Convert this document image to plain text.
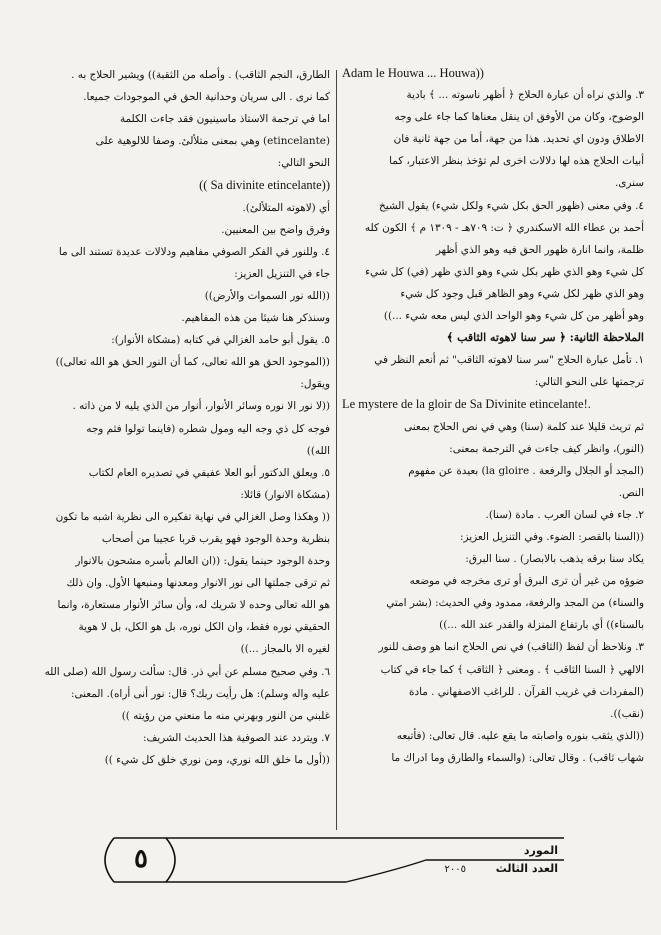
Adam le Houwa ... Houwa))
٣. والذي نراه أن عبارة الحلاج ﴿ أظهر ناسوته ... ﴾ بادية
الوضوح، وكان من الأوفق ان ينقل معناها كما جاء على وجه
الاطلاق ودون اي تحديد. هذا من جهة، أما من جهة ثانية فان
أبيات الحلاج هذه لها دلالات اخرى لم تؤخذ بنظر الاعتبار، كما
سنرى.
٤. وفي معنى (ظهور الحق بكل شيء ولكل شيء) يقول الشيخ
أحمد بن عطاء الله الاسكندري ﴿ ت: ٧٠٩هـ - ١٣٠٩ م ﴾ الكون كله
ظلمة، وانما انارة ظهور الحق فيه وهو الذي أظهر
كل شيء وهو الذي ظهر بكل شيء وهو الذي ظهر (في) كل شيء
وهو الذي ظهر لكل شيء وهو الظاهر قبل وجود كل شيء
وهو أظهر من كل شيء وهو الواحد الذي ليس معه شيء ...))
الملاحظة الثانية: ﴿ سر سنا لاهوته الثاقب ﴾
١. تأمل عبارة الحلاج "سر سنا لاهوته الثاقب" ثم أنعم النظر في
ترجمتها على النحو التالي:
Le mystere de la gloir de Sa Divinite etincelante!.
ثم تريث قليلا عند كلمة (سنا) وهي في نص الحلاج بمعنى
(النور)، وانظر كيف جاءت في الترجمة بمعنى:
(المجد أو الجلال والرفعة . la gloire) بعيدة عن مفهوم
النص.
٢. جاء في لسان العرب . مادة (سنا).
((السنا بالقصر: الضوء. وفي التنزيل العزيز:
يكاد سنا برقه يذهب بالابصار) . سنا البرق:
ضوؤه من غير أن ترى البرق أو ترى مخرجه في موضعه
والسناء) من المجد والرفعة، ممدود وفي الحديث: (بشر امتي
بالسناء)) أي بارتفاع المنزلة والقدر عند الله ...))
٣. ونلاحظ أن لفظ (الثاقب) في نص الحلاج انما هو وصف للنور
الالهي ﴿ السنا الثاقب ﴾ . ومعنى ﴿ الثاقب ﴾ كما جاء في كتاب
(المفردات في غريب القرآن . للراغب الاصفهاني . مادة
(نقب)).
((الذي يثقب بنوره واصابته ما يقع عليه. قال تعالى: (فأتبعه
شهاب ثاقب) . وقال تعالى: (والسماء والطارق وما ادراك ما
الطارق، النجم الثاقب) . وأصله من الثقبة)) ويشير الحلاج به .
كما نرى . الى سريان وحدانية الحق في الموجودات جميعا.
اما في ترجمة الاستاذ ماسينيون فقد جاءت الكلمة
(etincelante) وهي بمعنى متلألئ. وصفا للالوهية على
النحو التالي:
(( Sa divinite etincelante))
أي (لاهوته المتلألئ).
وفرق واضح بين المعنيين.
٤. وللنور في الفكر الصوفي مفاهيم ودلالات عديدة تستند الى ما
جاء في التنزيل العزيز:
((الله نور السموات والأرض))
وسنذكر هنا شيئا من هذه المفاهيم.
٥. يقول أبو حامد الغزالي في كتابه (مشكاة الأنوار):
((الموجود الحق هو الله تعالى، كما أن النور الحق هو الله تعالى))
ويقول:
((لا نور الا نوره وسائر الأنوار، أنوار من الذي يليه لا من ذاته .
فوجه كل ذي وجه اليه ومول شطره (فاينما تولوا فثم وجه
الله))
٥. ويعلق الدكتور أبو العلا عفيفي في تصديره العام لكتاب
(مشكاة الانوار) قائلا:
(( وهكذا وصل الغزالي في نهاية تفكيره الى نظرية اشبه ما تكون
بنظرية وحدة الوجود فهو يقرب قربا عجيبا من أصحاب
وحدة الوجود حينما يقول: ((ان العالم بأسره مشحون بالانوار
ثم ترقى جملتها الى نور الانوار ومعدنها ومنبعها الأول. وان ذلك
هو الله تعالى وحده لا شريك له، وأن سائر الأنوار مستعارة، وانما
الحقيقي نوره فقط، وان الكل نوره، بل هو الكل، بل لا هوية
لغيره الا بالمجاز ...))
٦. وفي صحيح مسلم عن أبي ذر. قال: سألت رسول الله (صلى الله
عليه واله وسلم): هل رأيت ربك؟ قال: نور أنى أراه). المعنى:
غلبني من النور وبهرني منه ما منعني من رؤيته ))
٧. ويتردد عند الصوفية هذا الحديث الشريف:
((أول ما خلق الله نوري، ومن نوري خلق كل شيء ))
٥	المورد
العدد الثالث
٢٠٠٥
